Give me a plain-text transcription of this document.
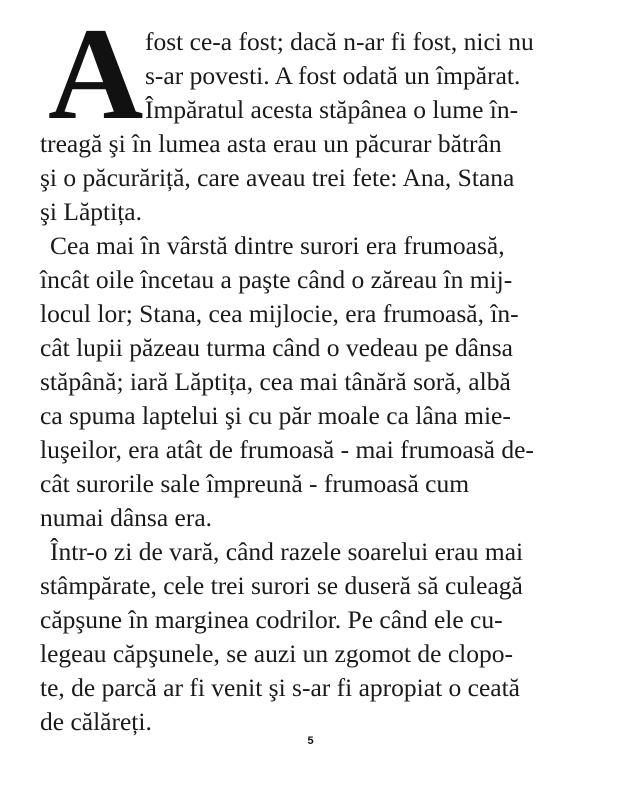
A fost ce-a fost; dacă n-ar fi fost, nici nu
s-ar povesti. A fost odată un împărat.
Împăratul acesta stăpânea o lume în-
treagă şi în lumea asta erau un păcurar bătrân
şi o păcurăriță, care aveau trei fete: Ana, Stana
şi Lăptița.
Cea mai în vârstă dintre surori era frumoasă,
încât oile încetau a paşte când o zăreau în mij-
locul lor; Stana, cea mijlocie, era frumoasă, în-
cât lupii păzeau turma când o vedeau pe dânsa
stăpână; iară Lăptița, cea mai tânără soră, albă
ca spuma laptelui şi cu păr moale ca lâna mie-
luşeilor, era atât de frumoasă - mai frumoasă de-
cât surorile sale împreună - frumoasă cum
numai dânsa era.
Într-o zi de vară, când razele soarelui erau mai
stâmpărate, cele trei surori se duseră să culeagă
căpşune în marginea codrilor. Pe când ele cu-
legeau căpşunele, se auzi un zgomot de clopo-
te, de parcă ar fi venit şi s-ar fi apropiat o ceată
de călăreți.
5
